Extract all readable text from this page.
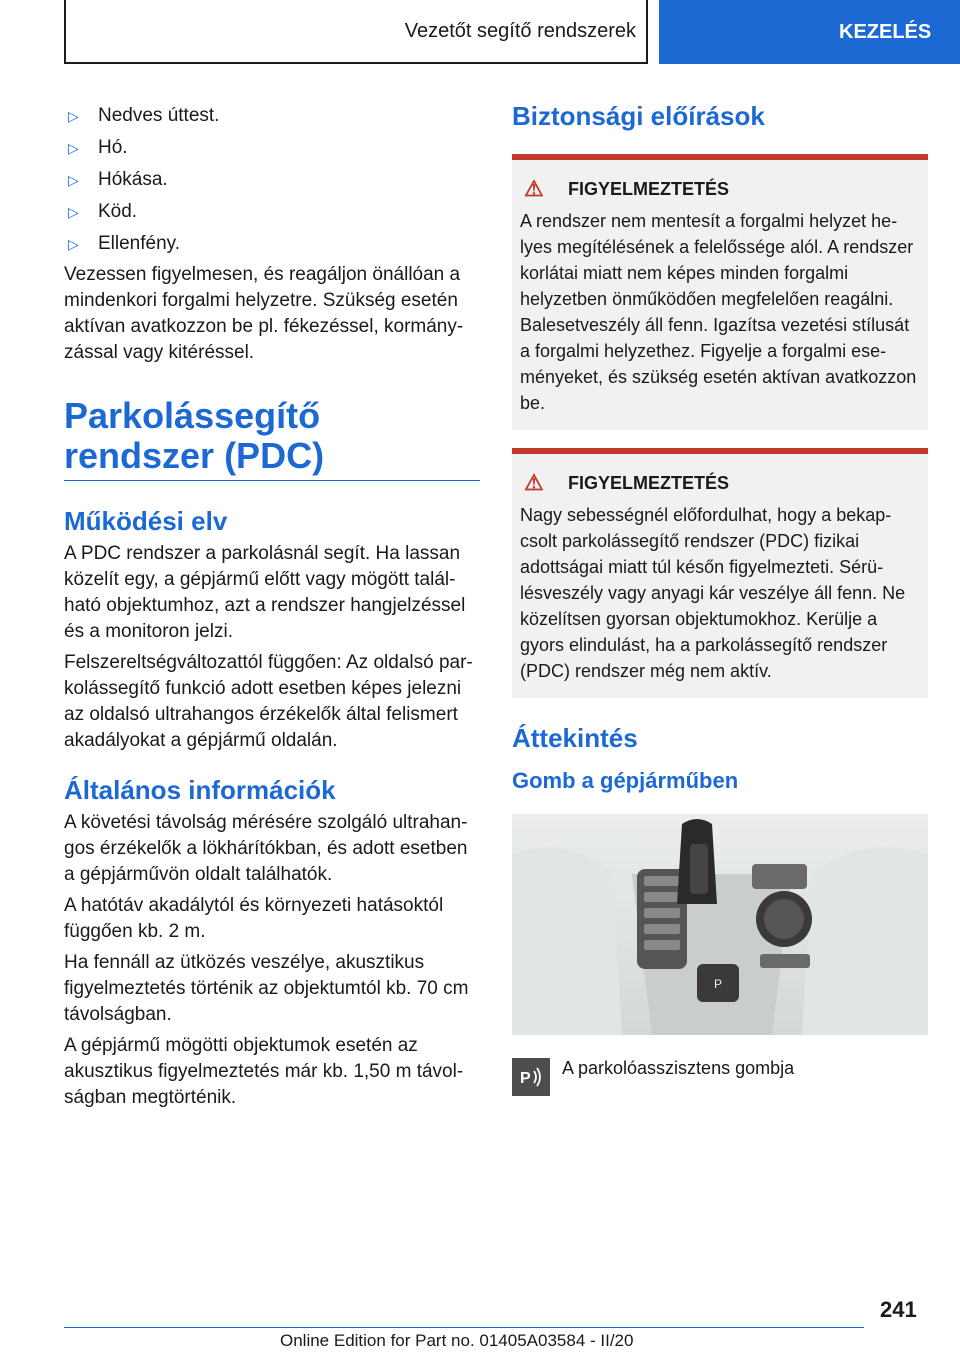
Vezetőt segítő rendszerek	KEZELÉS
▷	Nedves úttest.
▷	Hó.
▷	Hókása.
▷	Köd.
▷	Ellenfény.

Vezessen figyelmesen, és reagáljon önállóan a mindenkori forgalmi helyzetre. Szükség esetén aktívan avatkozzon be pl. fékezéssel, kormányzással vagy kitéréssel.

Parkolássegítő rendszer (PDC)
Működési elv

A PDC rendszer a parkolásnál segít. Ha lassan közelít egy, a gépjármű előtt vagy mögött található objektumhoz, azt a rendszer hangjelzéssel és a monitoron jelzi.

Felszereltségváltozattól függően: Az oldalsó parkolássegítő funkció adott esetben képes jelezni az oldalsó ultrahangos érzékelők által felismert akadályokat a gépjármű oldalán.

Általános információk

A követési távolság mérésére szolgáló ultrahangos érzékelők a lökhárítókban, és adott esetben a gépjárművön oldalt találhatók.

A hatótáv akadálytól és környezeti hatásoktól függően kb. 2 m.

Ha fennáll az ütközés veszélye, akusztikus figyelmeztetés történik az objektumtól kb. 70 cm távolságban.

A gépjármű mögötti objektumok esetén az akusztikus figyelmeztetés már kb. 1,50 m távolságban megtörténik.

Biztonsági előírások
⚠	FIGYELMEZTETÉS

A rendszer nem mentesít a forgalmi helyzet helyes megítélésének a felelőssége alól. A rendszer korlátai miatt nem képes minden forgalmi helyzetben önműködően megfelelően reagálni. Balesetveszély áll fenn. Igazítsa vezetési stílusát a forgalmi helyzethez. Figyelje a forgalmi eseményeket, és szükség esetén aktívan avatkozzon be.

⚠	FIGYELMEZTETÉS

Nagy sebességnél előfordulhat, hogy a bekapcsolt parkolássegítő rendszer (PDC) fizikai adottságai miatt túl későn figyelmezteti. Sérülésveszély vagy anyagi kár veszélye áll fenn. Ne közelítsen gyorsan objektumokhoz. Kerülje a gyors elindulást, ha a parkolássegítő rendszer (PDC) rendszer még nem aktív.

Áttekintés
Gomb a gépjárműben
P
P
A parkolóasszisztens gombja
241
Online Edition for Part no. 01405A03584 - II/20
